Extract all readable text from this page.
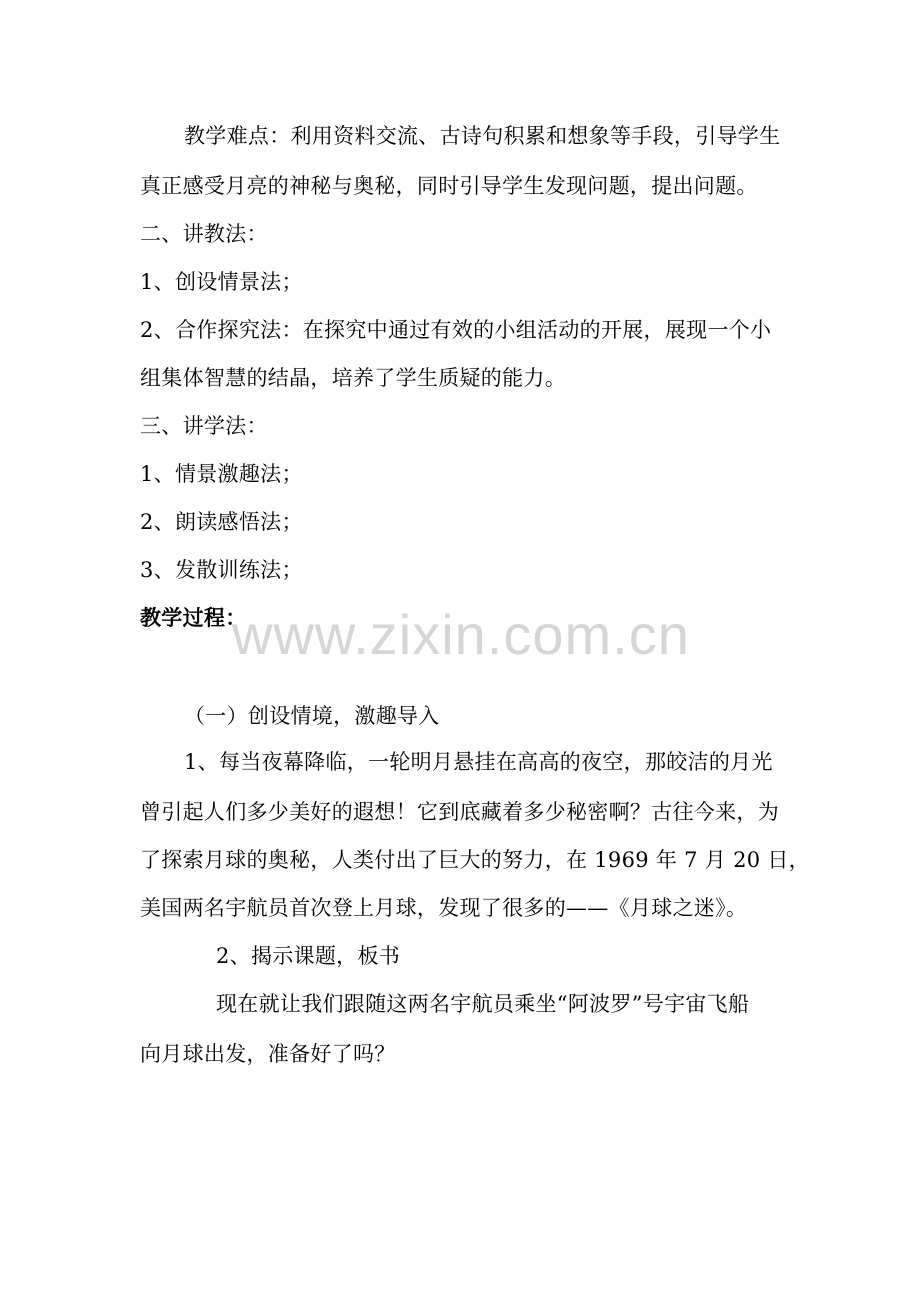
教学难点：利用资料交流、古诗句积累和想象等手段，引导学生
真正感受月亮的神秘与奥秘，同时引导学生发现问题，提出问题。
二、讲教法：
1、创设情景法；
2、合作探究法：在探究中通过有效的小组活动的开展，展现一个小
组集体智慧的结晶，培养了学生质疑的能力。
三、讲学法：
1、情景激趣法；
2、朗读感悟法；
3、发散训练法；
教学过程：
（一）创设情境，激趣导入
1、每当夜幕降临，一轮明月悬挂在高高的夜空，那皎洁的月光
曾引起人们多少美好的遐想！它到底藏着多少秘密啊？古往今来，为
了探索月球的奥秘，人类付出了巨大的努力，在 1969 年 7 月 20 日，
美国两名宇航员首次登上月球，发现了很多的——《月球之迷》。
2、揭示课题，板书
现在就让我们跟随这两名宇航员乘坐“阿波罗”号宇宙飞船
向月球出发，准备好了吗？
www.zixin.com.cn
